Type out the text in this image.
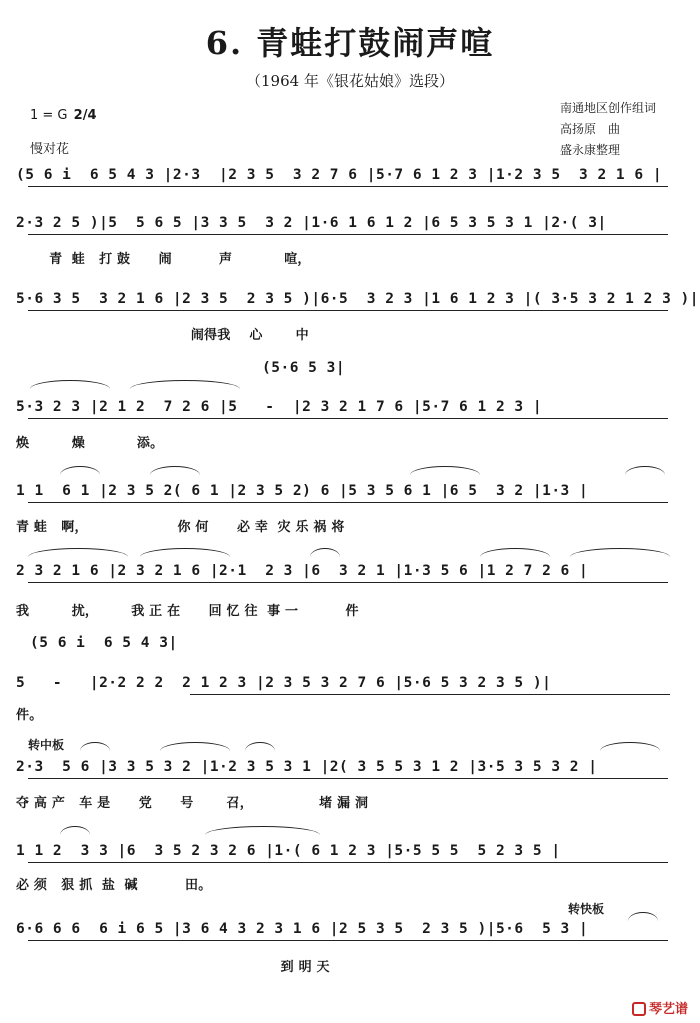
6. 青蛙打鼓闹声喧
（1964 年《银花姑娘》选段）
1 = G 2/4
慢对花
南通地区创作组词
高扬原　曲
盛永康整理
(5 6 i  6 5 4 3 |2·3  |2 3 5  3 2 7 6 |5·7 6 1 2 3 |1·2 3 5  3 2 1 6 |
2·3 2 5 )|5  5 6 5 |3 3 5  3 2 |1·6 1 6 1 2 |6 5 3 5 3 1 |2·( 3|
青  蛙   打 鼓      闹          声           喧，
5·6 3 5  3 2 1 6 |2 3 5  2 3 5 )|6·5  3 2 3 |1 6 1 2 3 |( 3·5 3 2 1 2 3 )|
闹得我    心       中
(5·6 5 3|
5·3 2 3 |2 1 2  7 2 6 |5   -  |2 3 2 1 7 6 |5·7 6 1 2 3 |
焕         燥           添。
1 1  6 1 |2 3 5 2( 6 1 |2 3 5 2) 6 |5 3 5 6 1 |6 5  3 2 |1·3 |
青 蛙   啊，                   你 何      必 幸  灾 乐 祸 将
2 3 2 1 6 |2 3 2 1 6 |2·1  2 3 |6  3 2 1 |1·3 5 6 |1 2 7 2 6 |
我         扰，       我 正 在      回 忆 往  事 一          件
(5 6 i  6 5 4 3|
5   -   |2·2 2 2  2 1 2 3 |2 3 5 3 2 7 6 |5·6 5 3 2 3 5 )|
件。
转中板
2·3  5 6 |3 3 5 3 2 |1·2 3 5 3 1 |2( 3 5 5 3 1 2 |3·5 3 5 3 2 |
夺 高 产   车 是      党      号       召，              堵 漏 洞
1 1 2  3 3 |6  3 5 2 3 2 6 |1·( 6 1 2 3 |5·5 5 5  5 2 3 5 |
必 须   狠 抓  盐  碱          田。
转快板
6·6 6 6  6 i 6 5 |3 6 4 3 2 3 1 6 |2 5 3 5  2 3 5 )|5·6  5 3 |
到 明 天
琴艺谱
